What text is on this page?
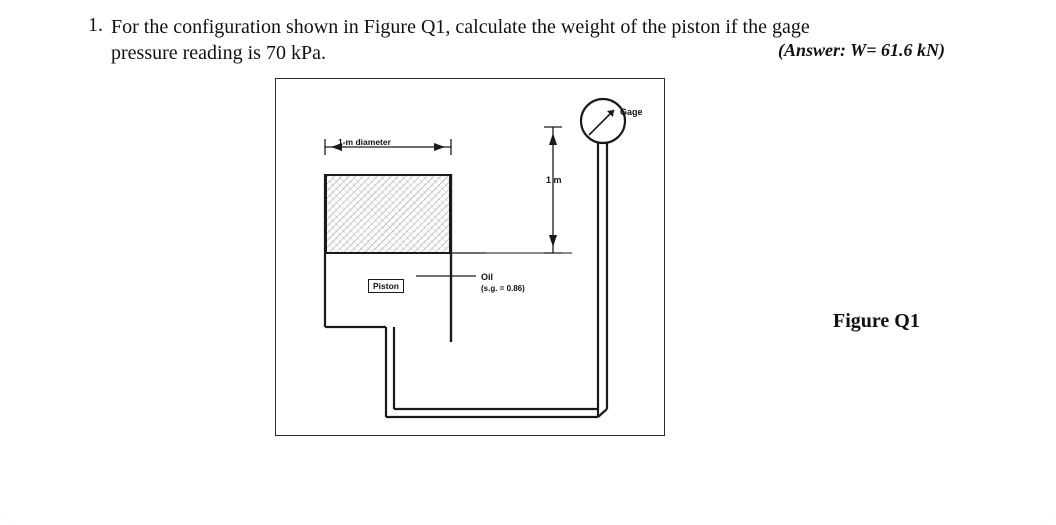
1. For the configuration shown in Figure Q1, calculate the weight of the piston if the gage
pressure reading is 70 kPa.	(Answer: W= 61.6 kN)
Figure Q1
1-m diameter
Piston
Gage
1 m
Oil
(s.g. = 0.86)
